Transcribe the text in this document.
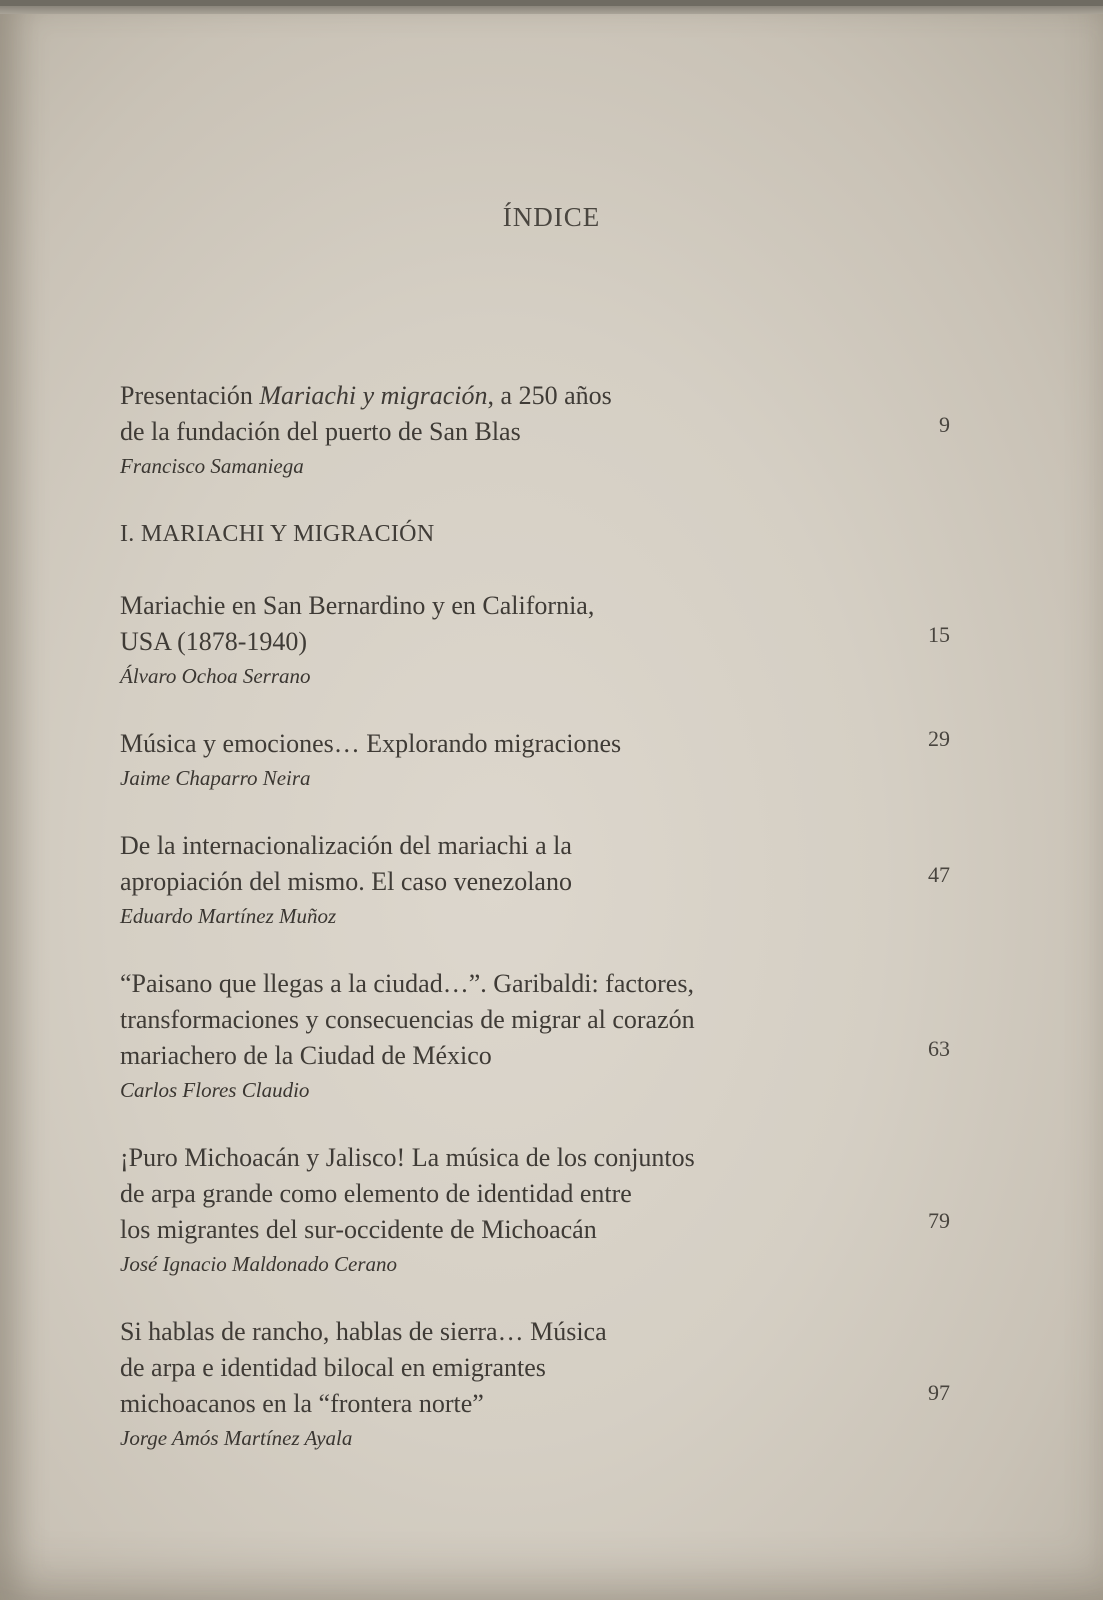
ÍNDICE
Presentación Mariachi y migración, a 250 años
de la fundación del puerto de San Blas
Francisco Samaniega
9
I. MARIACHI Y MIGRACIÓN
Mariachie en San Bernardino y en California,
USA (1878-1940)
Álvaro Ochoa Serrano
15
Música y emociones… Explorando migraciones
Jaime Chaparro Neira
29
De la internacionalización del mariachi a la
apropiación del mismo. El caso venezolano
Eduardo Martínez Muñoz
47
“Paisano que llegas a la ciudad…”. Garibaldi: factores,
transformaciones y consecuencias de migrar al corazón
mariachero de la Ciudad de México
Carlos Flores Claudio
63
¡Puro Michoacán y Jalisco! La música de los conjuntos
de arpa grande como elemento de identidad entre
los migrantes del sur-occidente de Michoacán
José Ignacio Maldonado Cerano
79
Si hablas de rancho, hablas de sierra… Música
de arpa e identidad bilocal en emigrantes
michoacanos en la “frontera norte”
Jorge Amós Martínez Ayala
97
